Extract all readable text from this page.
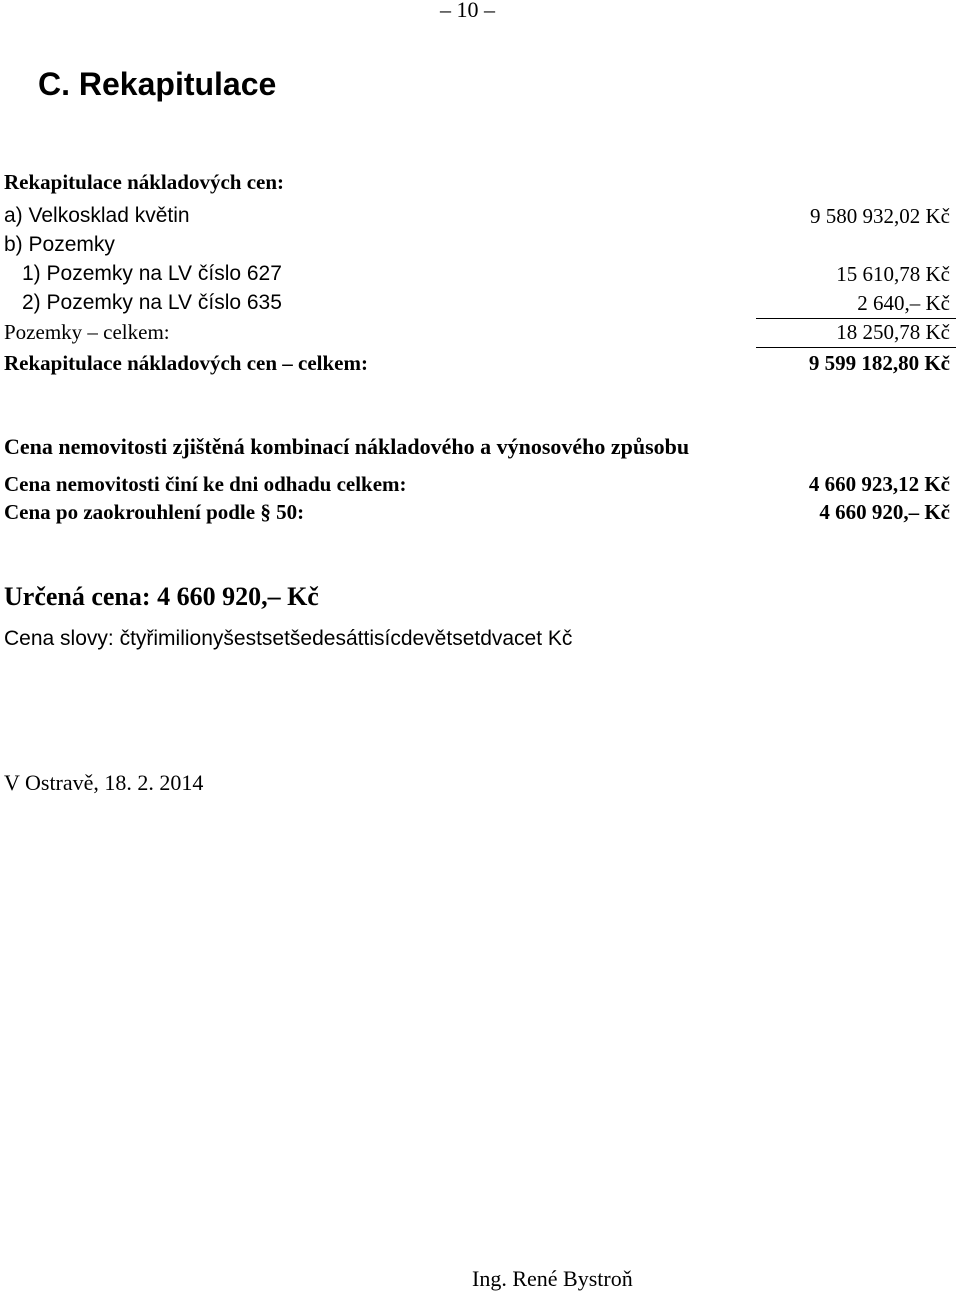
– 10 –
C. Rekapitulace
Rekapitulace nákladových cen:
a) Velkosklad květin	9 580 932,02 Kč
b) Pozemky
1) Pozemky na LV číslo 627	15 610,78 Kč
2) Pozemky na LV číslo 635	2 640,– Kč
Pozemky – celkem:	18 250,78 Kč
Rekapitulace nákladových cen – celkem:	9 599 182,80 Kč
Cena nemovitosti zjištěná kombinací nákladového a výnosového způsobu
Cena nemovitosti činí ke dni odhadu celkem:	4 660 923,12 Kč
Cena po zaokrouhlení podle § 50:	4 660 920,– Kč
Určená cena: 4 660 920,– Kč
Cena slovy: čtyřimilionyšestsetšedesáttisícdevětsetdvacet Kč
V Ostravě, 18. 2. 2014
Ing. René Bystroň
